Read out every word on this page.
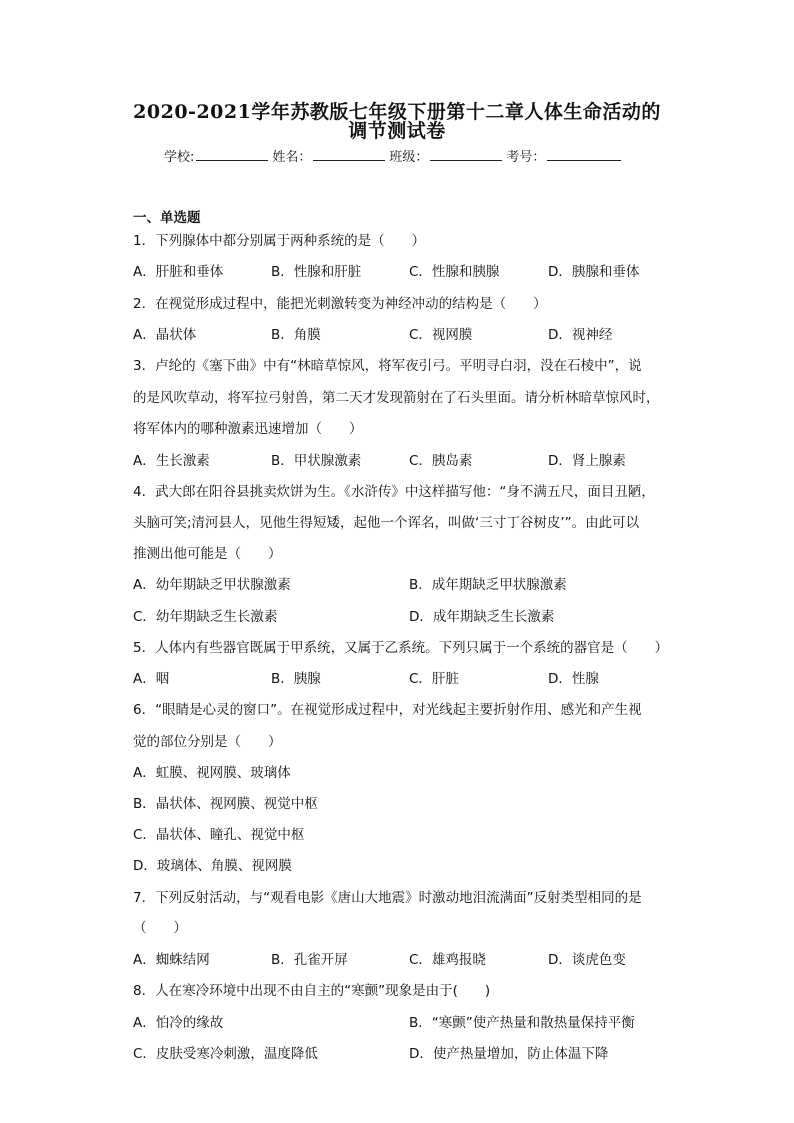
2020-2021学年苏教版七年级下册第十二章人体生命活动的
调节测试卷
学校:	姓名：	班级：	考号：
一、单选题
1．下列腺体中都分别属于两种系统的是（　　）
A．肝脏和垂体	B．性腺和肝脏	C．性腺和胰腺	D．胰腺和垂体
2．在视觉形成过程中，能把光刺激转变为神经冲动的结构是（　　）
A．晶状体	B．角膜	C．视网膜	D．视神经
3．卢纶的《塞下曲》中有“林暗草惊风，将军夜引弓。平明寻白羽，没在石棱中”，说
的是风吹草动，将军拉弓射兽，第二天才发现箭射在了石头里面。请分析林暗草惊风时，
将军体内的哪种激素迅速增加（　　）
A．生长激素	B．甲状腺激素	C．胰岛素	D．肾上腺素
4．武大郎在阳谷县挑卖炊饼为生。《水浒传》中这样描写他：“身不满五尺，面目丑陋，
头脑可笑;清河县人，见他生得短矮，起他一个诨名，叫做‘三寸丁谷树皮’”。由此可以
推测出他可能是（　　）
A．幼年期缺乏甲状腺激素	B．成年期缺乏甲状腺激素
C．幼年期缺乏生长激素	D．成年期缺乏生长激素
5．人体内有些器官既属于甲系统，又属于乙系统。下列只属于一个系统的器官是（　　）
A．咽	B．胰腺	C．肝脏	D．性腺
6．“眼睛是心灵的窗口”。在视觉形成过程中，对光线起主要折射作用、感光和产生视
觉的部位分别是（　　）
A．虹膜、视网膜、玻璃体
B．晶状体、视网膜、视觉中枢
C．晶状体、瞳孔、视觉中枢
D．玻璃体、角膜、视网膜
7．下列反射活动，与“观看电影《唐山大地震》时激动地泪流满面”反射类型相同的是
（　　）
A．蜘蛛结网	B．孔雀开屏	C．雄鸡报晓	D．谈虎色变
8．人在寒冷环境中出现不由自主的“寒颤”现象是由于(　　)
A．怕冷的缘故	B．“寒颤”使产热量和散热量保持平衡
C．皮肤受寒冷刺激，温度降低	D．使产热量增加，防止体温下降
